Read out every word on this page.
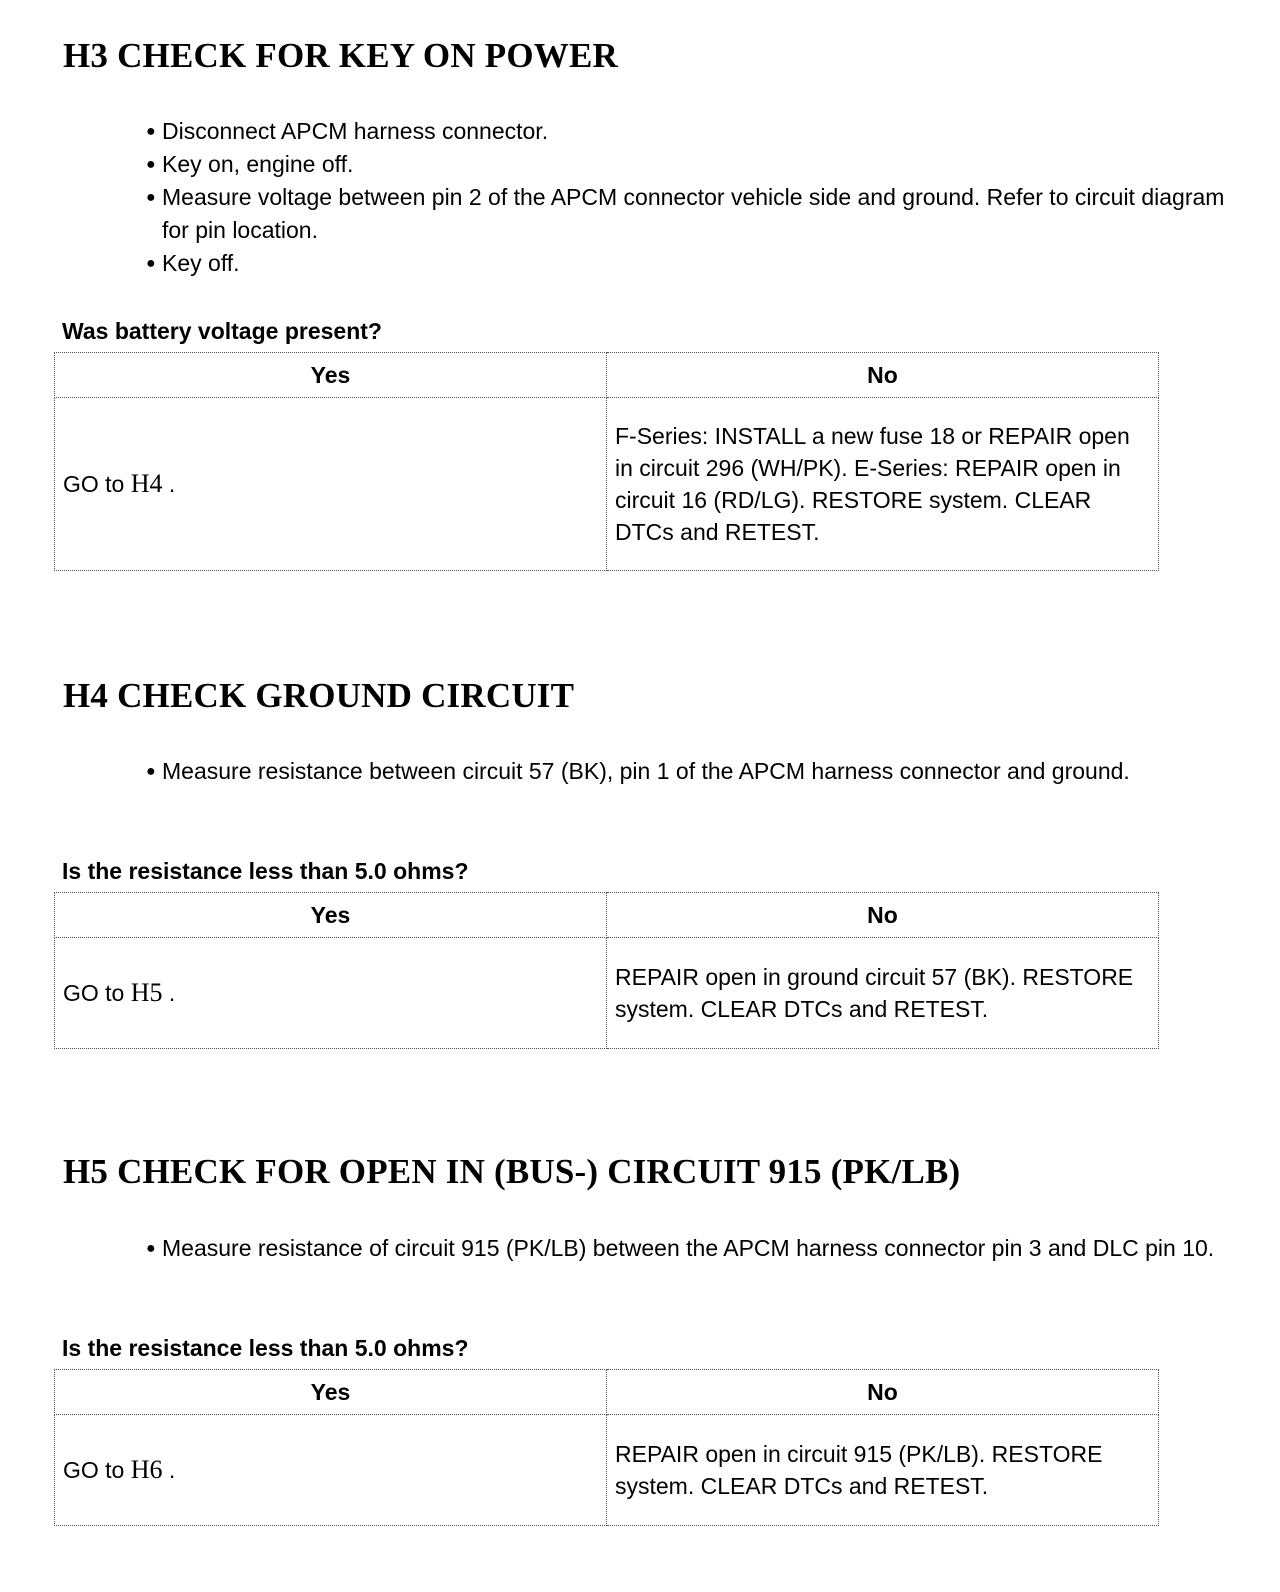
H3 CHECK FOR KEY ON POWER
● Disconnect APCM harness connector.
● Key on, engine off.
● Measure voltage between pin 2 of the APCM connector vehicle side and ground. Refer to circuit diagram for pin location.
● Key off.

Was battery voltage present?

Yes	No
GO to H4 .	F-Series: INSTALL a new fuse 18 or REPAIR open in circuit 296 (WH/PK). E-Series: REPAIR open in circuit 16 (RD/LG). RESTORE system. CLEAR DTCs and RETEST.
H4 CHECK GROUND CIRCUIT
● Measure resistance between circuit 57 (BK), pin 1 of the APCM harness connector and ground.

Is the resistance less than 5.0 ohms?

Yes	No
GO to H5 .	REPAIR open in ground circuit 57 (BK). RESTORE system. CLEAR DTCs and RETEST.
H5 CHECK FOR OPEN IN (BUS-) CIRCUIT 915 (PK/LB)
● Measure resistance of circuit 915 (PK/LB) between the APCM harness connector pin 3 and DLC pin 10.

Is the resistance less than 5.0 ohms?

Yes	No
GO to H6 .	REPAIR open in circuit 915 (PK/LB). RESTORE system. CLEAR DTCs and RETEST.
